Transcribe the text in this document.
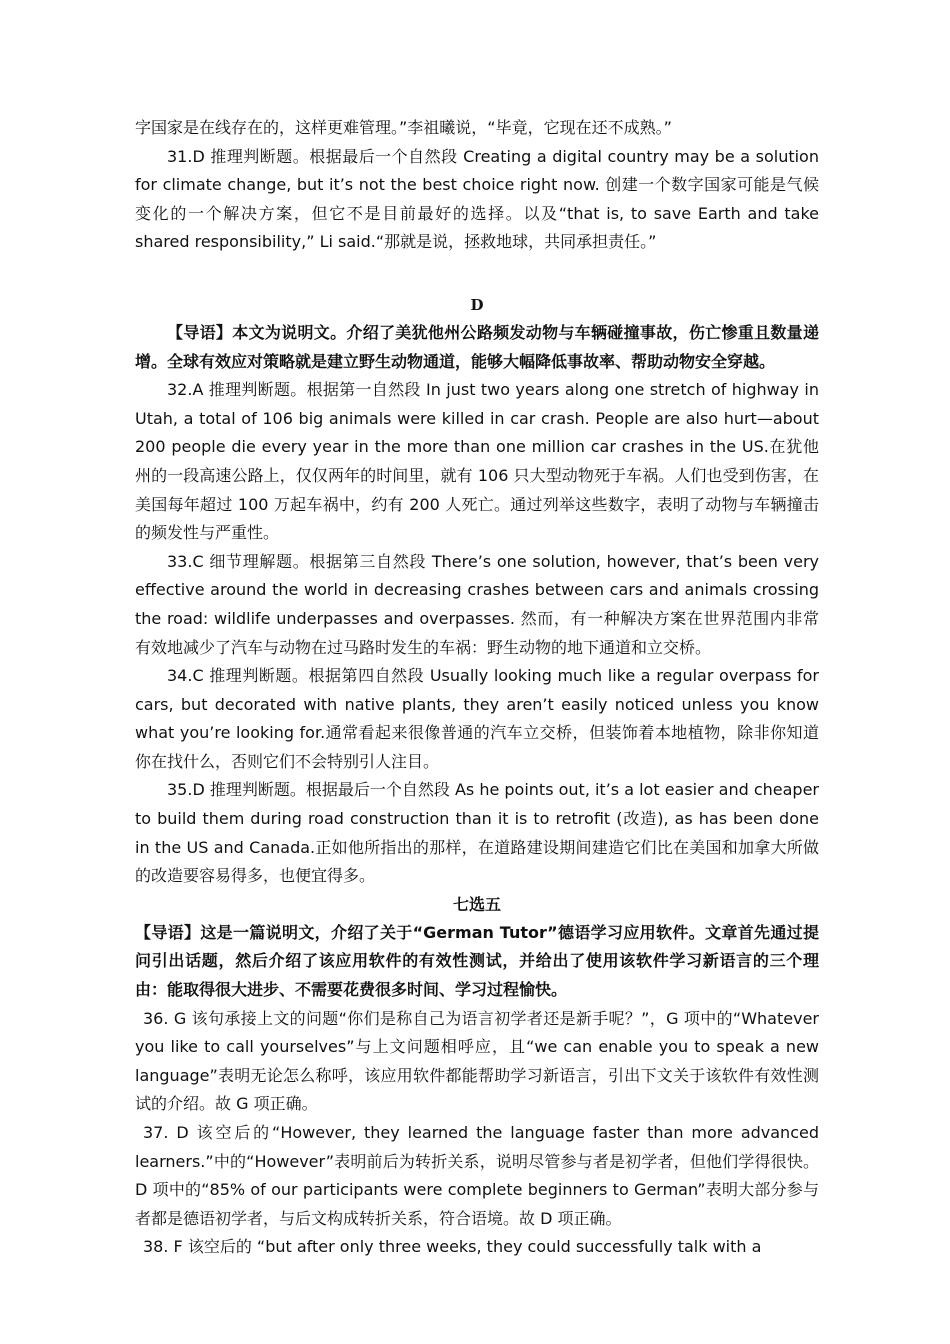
字国家是在线存在的，这样更难管理。”李祖曦说，“毕竟，它现在还不成熟。”

31.D 推理判断题。根据最后一个自然段 Creating a digital country may be a solution for climate change, but it’s not the best choice right now. 创建一个数字国家可能是气候变化的一个解决方案，但它不是目前最好的选择。以及“that is, to save Earth and take shared responsibility,” Li said.“那就是说，拯救地球，共同承担责任。”

D

【导语】本文为说明文。介绍了美犹他州公路频发动物与车辆碰撞事故，伤亡惨重且数量递增。全球有效应对策略就是建立野生动物通道，能够大幅降低事故率、帮助动物安全穿越。

32.A 推理判断题。根据第一自然段 In just two years along one stretch of highway in Utah, a total of 106 big animals were killed in car crash. People are also hurt—about 200 people die every year in the more than one million car crashes in the US.在犹他州的一段高速公路上，仅仅两年的时间里，就有 106 只大型动物死于车祸。人们也受到伤害，在美国每年超过 100 万起车祸中，约有 200 人死亡。通过列举这些数字，表明了动物与车辆撞击的频发性与严重性。

33.C 细节理解题。根据第三自然段 There’s one solution, however, that’s been very effective around the world in decreasing crashes between cars and animals crossing the road: wildlife underpasses and overpasses. 然而，有一种解决方案在世界范围内非常有效地减少了汽车与动物在过马路时发生的车祸：野生动物的地下通道和立交桥。

34.C 推理判断题。根据第四自然段 Usually looking much like a regular overpass for cars, but decorated with native plants, they aren’t easily noticed unless you know what you’re looking for.通常看起来很像普通的汽车立交桥，但装饰着本地植物，除非你知道你在找什么，否则它们不会特别引人注目。

35.D 推理判断题。根据最后一个自然段 As he points out, it’s a lot easier and cheaper to build them during road construction than it is to retrofit (改造), as has been done in the US and Canada.正如他所指出的那样，在道路建设期间建造它们比在美国和加拿大所做的改造要容易得多，也便宜得多。

七选五

【导语】这是一篇说明文，介绍了关于“German Tutor”德语学习应用软件。文章首先通过提问引出话题，然后介绍了该应用软件的有效性测试，并给出了使用该软件学习新语言的三个理由：能取得很大进步、不需要花费很多时间、学习过程愉快。

36. G 该句承接上文的问题“你们是称自己为语言初学者还是新手呢？”，G 项中的“Whatever you like to call yourselves”与上文问题相呼应，且“we can enable you to speak a new language”表明无论怎么称呼，该应用软件都能帮助学习新语言，引出下文关于该软件有效性测试的介绍。故 G 项正确。

37. D 该空后的“However, they learned the language faster than more advanced learners.”中的“However”表明前后为转折关系，说明尽管参与者是初学者，但他们学得很快。D 项中的“85% of our participants were complete beginners to German”表明大部分参与者都是德语初学者，与后文构成转折关系，符合语境。故 D 项正确。

38. F 该空后的 “but after only three weeks, they could successfully talk with a
